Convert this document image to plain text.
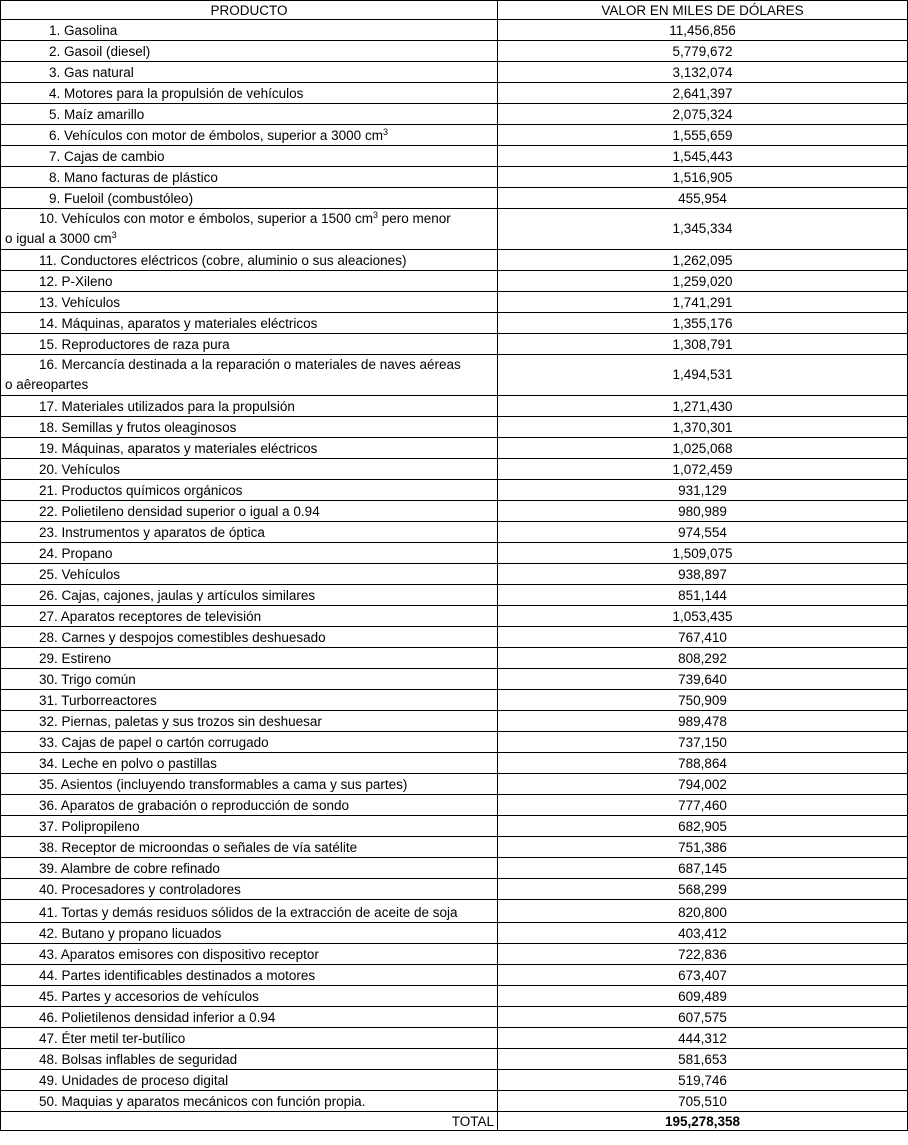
PRODUCTO	VALOR EN MILES DE DÓLARES
1. Gasolina	11,456,856
2. Gasoil (diesel)	5,779,672
3. Gas natural	3,132,074
4. Motores para la propulsión de vehículos	2,641,397
5. Maíz amarillo	2,075,324
6. Vehículos con motor de émbolos, superior a 3000 $cm^3$	1,555,659
7. Cajas de cambio	1,545,443
8. Mano facturas de plástico	1,516,905
9. Fueloil (combustóleo)	455,954

10. Vehículos con motor e émbolos, superior a 1500 $cm^3$ pero menor
o igual a 3000 $cm^3$	1,345,334
11. Conductores eléctricos (cobre, aluminio o sus aleaciones)	1,262,095
12. P-Xileno	1,259,020
13. Vehículos	1,741,291
14. Máquinas, aparatos y materiales eléctricos	1,355,176
15. Reproductores de raza pura	1,308,791

16. Mercancía destinada a la reparación o materiales de naves aéreas
o aêreopartes	1,494,531
17. Materiales utilizados para la propulsión	1,271,430
18. Semillas y frutos oleaginosos	1,370,301
19. Máquinas, aparatos y materiales eléctricos	1,025,068
20. Vehículos	1,072,459
21. Productos químicos orgánicos	931,129
22. Polietileno densidad superior o igual a 0.94	980,989
23. Instrumentos y aparatos de óptica	974,554
24. Propano	1,509,075
25. Vehículos	938,897
26. Cajas, cajones, jaulas y artículos similares	851,144
27. Aparatos receptores de televisión	1,053,435
28. Carnes y despojos comestibles deshuesado	767,410
29. Estireno	808,292
30. Trigo común	739,640
31. Turborreactores	750,909
32. Piernas, paletas y sus trozos sin deshuesar	989,478
33. Cajas de papel o cartón corrugado	737,150
34. Leche en polvo o pastillas	788,864
35. Asientos (incluyendo transformables a cama y sus partes)	794,002
36. Aparatos de grabación o reproducción de sondo	777,460
37. Polipropileno	682,905
38. Receptor de microondas o señales de vía satélite	751,386
39. Alambre de cobre refinado	687,145
40. Procesadores y controladores	568,299
41. Tortas y demás residuos sólidos de la extracción de aceite de soja	820,800
42. Butano y propano licuados	403,412
43. Aparatos emisores con dispositivo receptor	722,836
44. Partes identificables destinados a motores	673,407
45. Partes y accesorios de vehículos	609,489
46. Polietilenos densidad inferior a 0.94	607,575
47. Éter metil ter-butílico	444,312
48. Bolsas inflables de seguridad	581,653
49. Unidades de proceso digital	519,746
50. Maquias y aparatos mecánicos con función propia.	705,510
TOTAL	195,278,358
